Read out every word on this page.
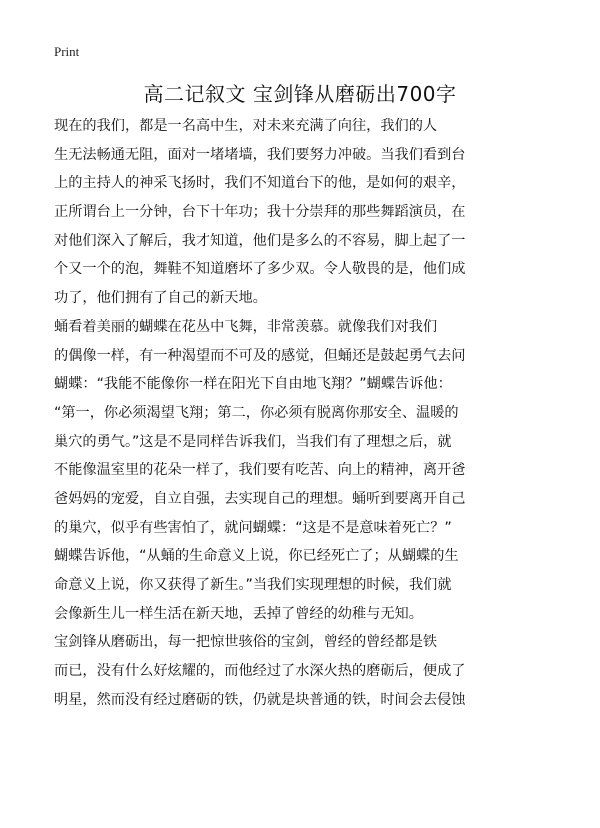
Print
高二记叙文 宝剑锋从磨砺出700字
现在的我们，都是一名高中生，对未来充满了向往，我们的人
生无法畅通无阻，面对一堵堵墙，我们要努力冲破。当我们看到台
上的主持人的神采飞扬时，我们不知道台下的他，是如何的艰辛，
正所谓台上一分钟，台下十年功；我十分崇拜的那些舞蹈演员，在
对他们深入了解后，我才知道，他们是多么的不容易，脚上起了一
个又一个的泡，舞鞋不知道磨坏了多少双。令人敬畏的是，他们成
功了，他们拥有了自己的新天地。
蛹看着美丽的蝴蝶在花丛中飞舞，非常羡慕。就像我们对我们
的偶像一样，有一种渴望而不可及的感觉，但蛹还是鼓起勇气去问
蝴蝶：“我能不能像你一样在阳光下自由地飞翔？”蝴蝶告诉他：
“第一，你必须渴望飞翔；第二，你必须有脱离你那安全、温暖的
巢穴的勇气。”这是不是同样告诉我们，当我们有了理想之后，就
不能像温室里的花朵一样了，我们要有吃苦、向上的精神，离开爸
爸妈妈的宠爱，自立自强，去实现自己的理想。蛹听到要离开自己
的巢穴，似乎有些害怕了，就问蝴蝶：“这是不是意味着死亡？”
蝴蝶告诉他，“从蛹的生命意义上说，你已经死亡了；从蝴蝶的生
命意义上说，你又获得了新生。”当我们实现理想的时候，我们就
会像新生儿一样生活在新天地，丢掉了曾经的幼稚与无知。
宝剑锋从磨砺出，每一把惊世骇俗的宝剑，曾经的曾经都是铁
而已，没有什么好炫耀的，而他经过了水深火热的磨砺后，便成了
明星，然而没有经过磨砺的铁，仍就是块普通的铁，时间会去侵蚀
